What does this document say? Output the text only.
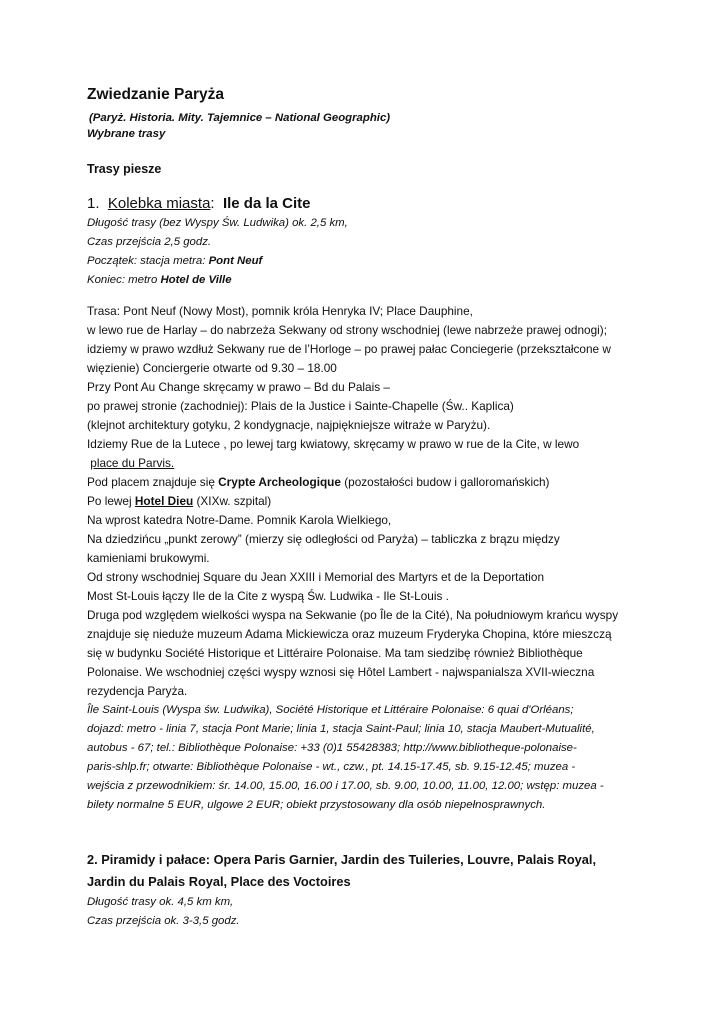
Zwiedzanie Paryża
(Paryż. Historia. Mity. Tajemnice – National Geographic)
Wybrane trasy
Trasy piesze
1. Kolebka miasta: Ile da la Cite
Długość trasy (bez Wyspy Św. Ludwika) ok. 2,5 km,
Czas przejścia 2,5 godz.
Początek: stacja metra: Pont Neuf
Koniec: metro Hotel de Ville
Trasa: Pont Neuf (Nowy Most), pomnik króla Henryka IV; Place Dauphine,
w lewo rue de Harlay – do nabrzeża Sekwany od strony wschodniej (lewe nabrzeże prawej odnogi);
idziemy w prawo wzdłuż Sekwany rue de l’Horloge – po prawej pałac Conciegerie (przekształcone w
więzienie) Concierge​rie otwarte od 9.30 – 18.00
Przy Pont Au Change skręcamy w prawo – Bd du Palais –
po prawej stronie (zachodniej): Plais de la Justice i Sainte-Chapelle (Św.. Kaplica)
(klejnot architektury gotyku, 2 kondygnacje, najpiękniejsze witraże w Paryżu).
Idziemy Rue de la Lutece , po lewej targ kwiatowy, skręcamy w prawo w rue de la Cite, w lewo
place du Parvis.
Pod placem znajduje się Crypte Archeologique (pozostałości budow i galloromańskich)
Po lewej Hotel Dieu (XIXw. szpital)
Na wprost katedra Notre-Dame. Pomnik Karola Wielkiego,
Na dziedzińcu „punkt zerowy” (mierzy się odległości od Paryża) – tabliczka z brązu między
kamieniami brukowymi.
Od strony wschodniej Square du Jean XXIII i Memorial des Martyrs et de la Deportation
Most St-Louis łączy Ile de la Cite z wyspą Św. Ludwika - Ile St-Louis .
Druga pod względem wielkości wyspa na Sekwanie (po Île de la Cité), Na południowym krańcu wyspy
znajduje się nieduże muzeum Adama Mickiewicza oraz muzeum Fryderyka Chopina, które mieszczą
się w budynku Société Historique et Littéraire Polonaise. Ma tam siedzibę również Bibliothèque
Polonaise. We wschodniej części wyspy wznosi się Hôtel Lambert - najwspanialsza XVII-wieczna
rezydencja Paryża.
Île Saint-Louis (Wyspa św. Ludwika), Société Historique et Littéraire Polonaise: 6 quai d'Orléans;
dojazd: metro - linia 7, stacja Pont Marie; linia 1, stacja Saint-Paul; linia 10, stacja Maubert-Mutualité,
autobus - 67; tel.: Bibliothèque Polonaise: +33 (0)1 55428383; http://www.bibliotheque-polonaise-
paris-shlp.fr; otwarte: Bibliothèque Polonaise - wt., czw., pt. 14.15-17.45, sb. 9.15-12.45; muzea -
wejścia z przewodnikiem: śr. 14.00, 15.00, 16.00 i 17.00, sb. 9.00, 10.00, 11.00, 12.00; wstęp: muzea -
bilety normalne 5 EUR, ulgowe 2 EUR; obiekt przystosowany dla osób niepełnosprawnych.
2. Piramidy i pałace: Opera Paris Garnier, Jardin des Tuileries, Louvre, Palais Royal,
Jardin du Palais Royal, Place des Voctoires
Długość trasy ok. 4,5 km km,
Czas przejścia ok. 3-3,5 godz.
